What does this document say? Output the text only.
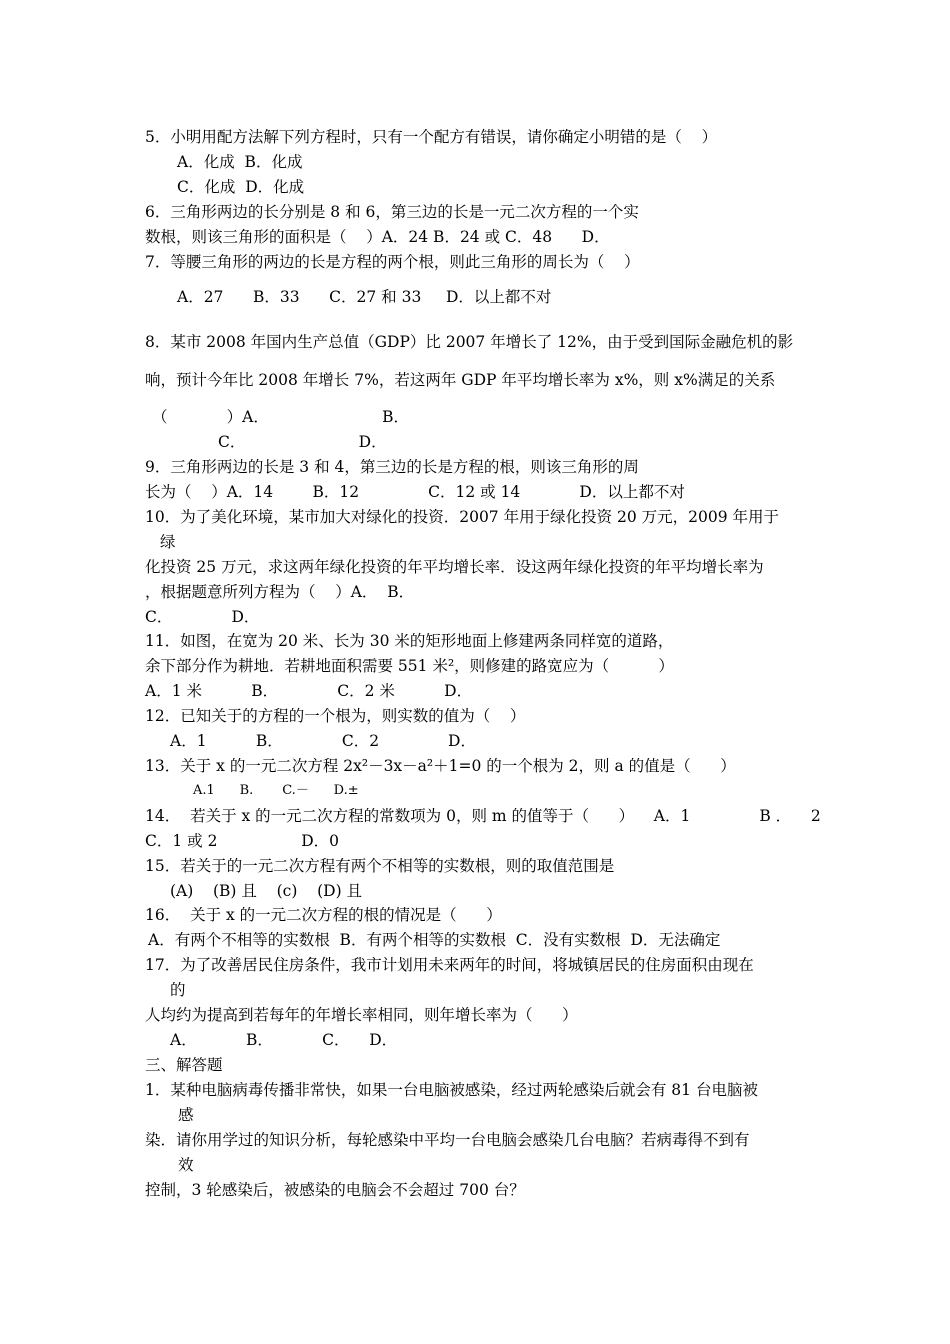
5．小明用配方法解下列方程时，只有一个配方有错误，请你确定小明错的是（    ）
A．化成  B．化成
C．化成  D．化成
6．三角形两边的长分别是 8 和 6，第三边的长是一元二次方程的一个实
数根，则该三角形的面积是（    ）A．24 B．24 或 C．48      D．
7．等腰三角形的两边的长是方程的两个根，则此三角形的周长为（    ）
A．27      B．33      C．27 和 33     D．以上都不对
8．某市 2008 年国内生产总值（GDP）比 2007 年增长了 12%，由于受到国际金融危机的影
响，预计今年比 2008 年增长 7%，若这两年 GDP 年平均增长率为 x%，则 x%满足的关系
（            ）A．                       B．
C．                       D．
9．三角形两边的长是 3 和 4，第三边的长是方程的根，则该三角形的周
长为（    ）A．14        B．12              C．12 或 14            D．以上都不对
10．为了美化环境，某市加大对绿化的投资．2007 年用于绿化投资 20 万元，2009 年用于
绿
化投资 25 万元，求这两年绿化投资的年平均增长率．设这两年绿化投资的年平均增长率为
，根据题意所列方程为（    ）A．  B．
C．            D．
11．如图，在宽为 20 米、长为 30 米的矩形地面上修建两条同样宽的道路，
余下部分作为耕地．若耕地面积需要 551 米²，则修建的路宽应为（          ）
A．1 米          B．            C．2 米          D．
12．已知关于的方程的一个根为，则实数的值为（    ）
A．1          B．            C．2              D．
13．关于 x 的一元二次方程 2x²－3x－a²＋1=0 的一个根为 2，则 a 的值是（      ）
A.1      B.       C.－      D.±
14．  若关于 x 的一元二次方程的常数项为 0，则 m 的值等于（      ）    A．1              B ．    2
C．1 或 2                 D．0
15．若关于的一元二次方程有两个不相等的实数根，则的取值范围是
(A)    (B) 且    (c)    (D) 且
16．  关于 x 的一元二次方程的根的情况是（      ）
A．有两个不相等的实数根  B．有两个相等的实数根  C．没有实数根  D．无法确定
17．为了改善居民住房条件，我市计划用未来两年的时间，将城镇居民的住房面积由现在
的
人均约为提高到若每年的年增长率相同，则年增长率为（      ）
A．          B．          C．    D．
三、解答题
1．某种电脑病毒传播非常快，如果一台电脑被感染，经过两轮感染后就会有 81 台电脑被
感
染．请你用学过的知识分析，每轮感染中平均一台电脑会感染几台电脑？若病毒得不到有
效
控制，3 轮感染后，被感染的电脑会不会超过 700 台？
